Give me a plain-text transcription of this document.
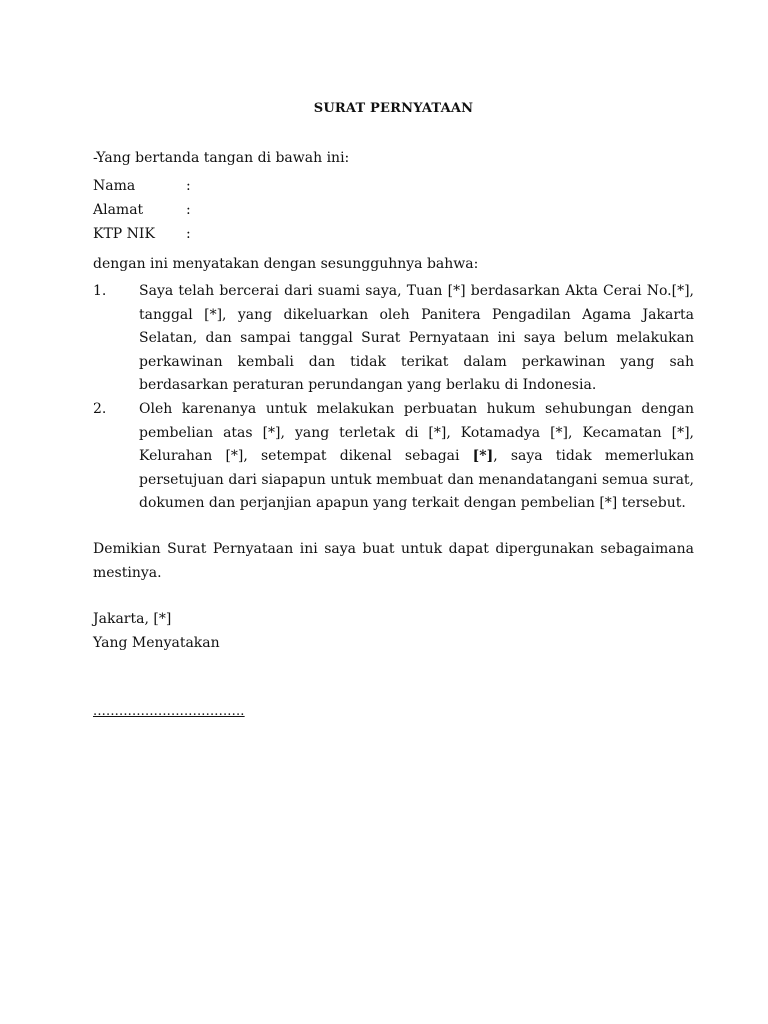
SURAT PERNYATAAN
-Yang bertanda tangan di bawah ini:
Nama	:
Alamat	:
KTP NIK	:
dengan ini menyatakan dengan sesungguhnya bahwa:
1.	Saya telah bercerai dari suami saya, Tuan [*] berdasarkan Akta Cerai No.[*], tanggal [*], yang dikeluarkan oleh Panitera Pengadilan Agama Jakarta Selatan, dan sampai tanggal Surat Pernyataan ini saya belum melakukan perkawinan kembali dan tidak terikat dalam perkawinan yang sah berdasarkan peraturan perundangan yang berlaku di Indonesia.
2.	Oleh karenanya untuk melakukan perbuatan hukum sehubungan dengan pembelian atas [*], yang terletak di [*], Kotamadya [*], Kecamatan [*], Kelurahan [*], setempat dikenal sebagai [*], saya tidak memerlukan persetujuan dari siapapun untuk membuat dan menandatangani semua surat, dokumen dan perjanjian apapun yang terkait dengan pembelian [*] tersebut.
Demikian Surat Pernyataan ini saya buat untuk dapat dipergunakan sebagaimana mestinya.
Jakarta, [*]
Yang Menyatakan
...................................
